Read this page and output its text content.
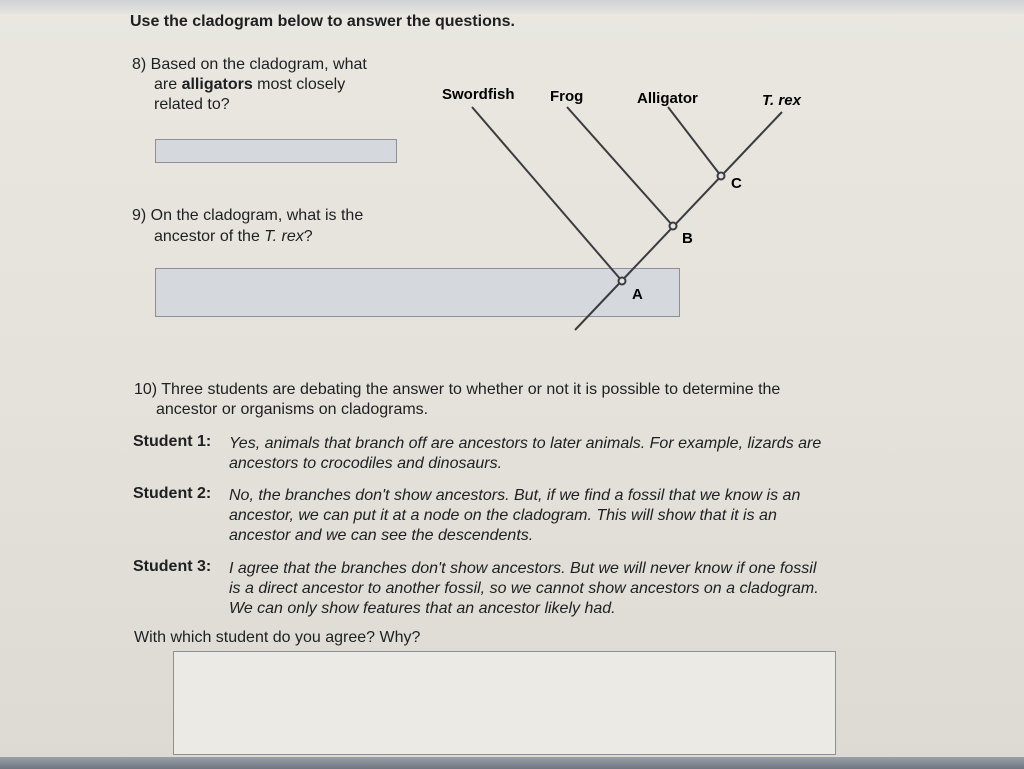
Use the cladogram below to answer the questions.
8) Based on the cladogram, what
are alligators most closely
related to?
9) On the cladogram, what is the
ancestor of the T. rex?
Swordfish Frog	Alligator	T. rex
A
B
C
10) Three students are debating the answer to whether or not it is possible to determine the
ancestor or organisms on cladograms.
Student 1: Yes, animals that branch off are ancestors to later animals. For example, lizards are
ancestors to crocodiles and dinosaurs.
Student 2: No, the branches don't show ancestors. But, if we find a fossil that we know is an
ancestor, we can put it at a node on the cladogram. This will show that it is an
ancestor and we can see the descendents.
Student 3: I agree that the branches don't show ancestors. But we will never know if one fossil
is a direct ancestor to another fossil, so we cannot show ancestors on a cladogram.
We can only show features that an ancestor likely had.
With which student do you agree? Why?
